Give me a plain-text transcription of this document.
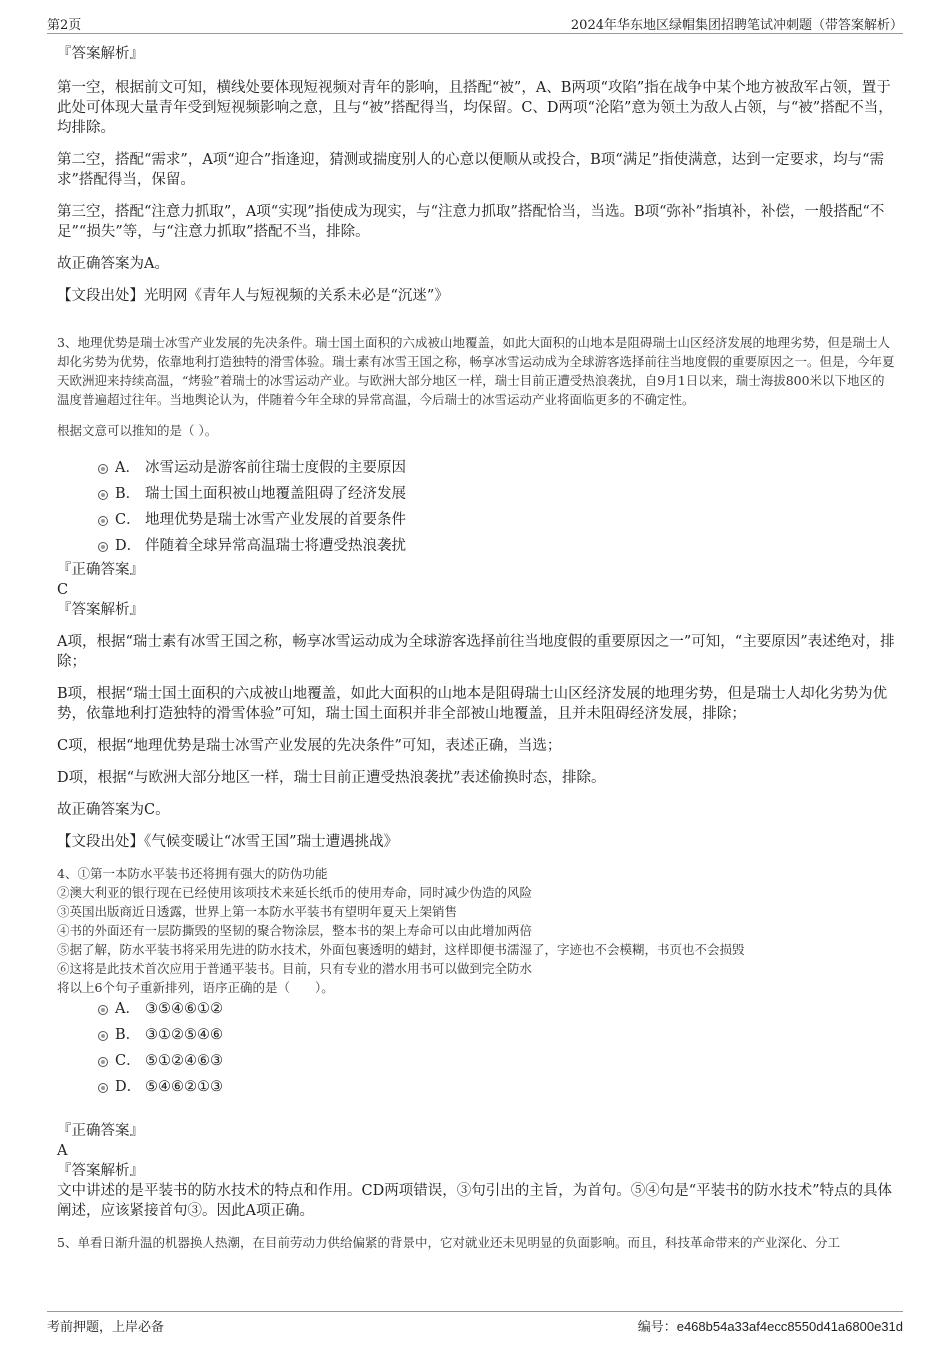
第2页	2024年华东地区绿帽集团招聘笔试冲刺题（带答案解析）
『答案解析』
第一空，根据前文可知，横线处要体现短视频对青年的影响，且搭配“被”，A、B两项“攻陷”指在战争中某个地方被敌军占领，置于此处可体现大量青年受到短视频影响之意，且与“被”搭配得当，均保留。C、D两项“沦陷”意为领土为敌人占领，与“被”搭配不当，均排除。
第二空，搭配“需求”，A项“迎合”指逢迎，猜测或揣度别人的心意以便顺从或投合，B项“满足”指使满意，达到一定要求，均与“需求”搭配得当，保留。
第三空，搭配“注意力抓取”，A项“实现”指使成为现实，与“注意力抓取”搭配恰当，当选。B项“弥补”指填补，补偿，一般搭配“不足”“损失”等，与“注意力抓取”搭配不当，排除。
故正确答案为A。
【文段出处】光明网《青年人与短视频的关系未必是“沉迷”》
3、地理优势是瑞士冰雪产业发展的先决条件。瑞士国土面积的六成被山地覆盖，如此大面积的山地本是阻碍瑞士山区经济发展的地理劣势，但是瑞士人却化劣势为优势，依靠地利打造独特的滑雪体验。瑞士素有冰雪王国之称，畅享冰雪运动成为全球游客选择前往当地度假的重要原因之一。但是，今年夏天欧洲迎来持续高温，“烤验”着瑞士的冰雪运动产业。与欧洲大部分地区一样，瑞士目前正遭受热浪袭扰，自9月1日以来，瑞士海拔800米以下地区的温度普遍超过往年。当地舆论认为，伴随着今年全球的异常高温，今后瑞士的冰雪运动产业将面临更多的不确定性。
根据文意可以推知的是（ ）。
A． 冰雪运动是游客前往瑞士度假的主要原因
B． 瑞士国土面积被山地覆盖阻碍了经济发展
C． 地理优势是瑞士冰雪产业发展的首要条件
D． 伴随着全球异常高温瑞士将遭受热浪袭扰
『正确答案』
C
『答案解析』
A项，根据“瑞士素有冰雪王国之称，畅享冰雪运动成为全球游客选择前往当地度假的重要原因之一”可知，“主要原因”表述绝对，排除；
B项，根据“瑞士国土面积的六成被山地覆盖，如此大面积的山地本是阻碍瑞士山区经济发展的地理劣势，但是瑞士人却化劣势为优势，依靠地利打造独特的滑雪体验”可知，瑞士国土面积并非全部被山地覆盖，且并未阻碍经济发展，排除；
C项，根据“地理优势是瑞士冰雪产业发展的先决条件”可知，表述正确，当选；
D项，根据“与欧洲大部分地区一样，瑞士目前正遭受热浪袭扰”表述偷换时态，排除。
故正确答案为C。
【文段出处】《气候变暖让“冰雪王国”瑞士遭遇挑战》
4、①第一本防水平装书还将拥有强大的防伪功能
②澳大利亚的银行现在已经使用该项技术来延长纸币的使用寿命，同时减少伪造的风险
③英国出版商近日透露，世界上第一本防水平装书有望明年夏天上架销售
④书的外面还有一层防撕毁的坚韧的聚合物涂层，整本书的架上寿命可以由此增加两倍
⑤据了解，防水平装书将采用先进的防水技术，外面包裹透明的蜡封，这样即便书濡湿了，字迹也不会模糊，书页也不会损毁
⑥这将是此技术首次应用于普通平装书。目前，只有专业的潜水用书可以做到完全防水
将以上6个句子重新排列，语序正确的是（　　）。
A． ③⑤④⑥①②
B． ③①②⑤④⑥
C． ⑤①②④⑥③
D． ⑤④⑥②①③
『正确答案』
A
『答案解析』
文中讲述的是平装书的防水技术的特点和作用。CD两项错误，③句引出的主旨，为首句。⑤④句是“平装书的防水技术”特点的具体阐述，应该紧接首句③。因此A项正确。
5、单看日渐升温的机器换人热潮，在目前劳动力供给偏紧的背景中，它对就业还未见明显的负面影响。而且，科技革命带来的产业深化、分工
考前押题，上岸必备	编号：e468b54a33af4ecc8550d41a6800e31d
